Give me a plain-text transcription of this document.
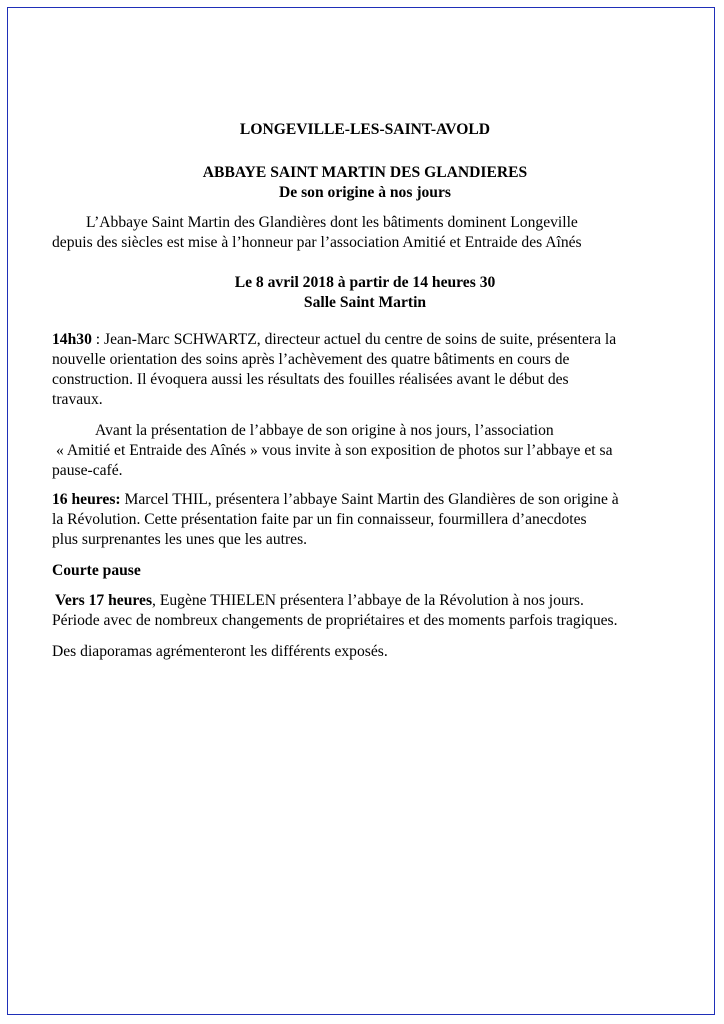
LONGEVILLE-LES-SAINT-AVOLD
ABBAYE SAINT MARTIN DES GLANDIERES
De son origine à nos jours
L’Abbaye Saint Martin des Glandières dont les bâtiments dominent Longeville
depuis des siècles est mise à l’honneur par l’association Amitié et Entraide des Aînés
Le 8 avril 2018 à partir de 14 heures 30
Salle Saint Martin
14h30 : Jean-Marc SCHWARTZ, directeur actuel du centre de soins de suite, présentera la
nouvelle orientation des soins après l’achèvement des quatre bâtiments en cours de
construction. Il évoquera aussi les résultats des fouilles réalisées avant le début des
travaux.
Avant la présentation de l’abbaye de son origine à nos jours, l’association
« Amitié et Entraide des Aînés » vous invite à son exposition de photos sur l’abbaye et sa
pause-café.
16 heures: Marcel THIL, présentera l’abbaye Saint Martin des Glandières de son origine à
la Révolution. Cette présentation faite par un fin connaisseur, fourmillera d’anecdotes
plus surprenantes les unes que les autres.
Courte pause
Vers 17 heures, Eugène THIELEN présentera l’abbaye de la Révolution à nos jours.
Période avec de nombreux changements de propriétaires et des moments parfois tragiques.
Des diaporamas agrémenteront les différents exposés.
